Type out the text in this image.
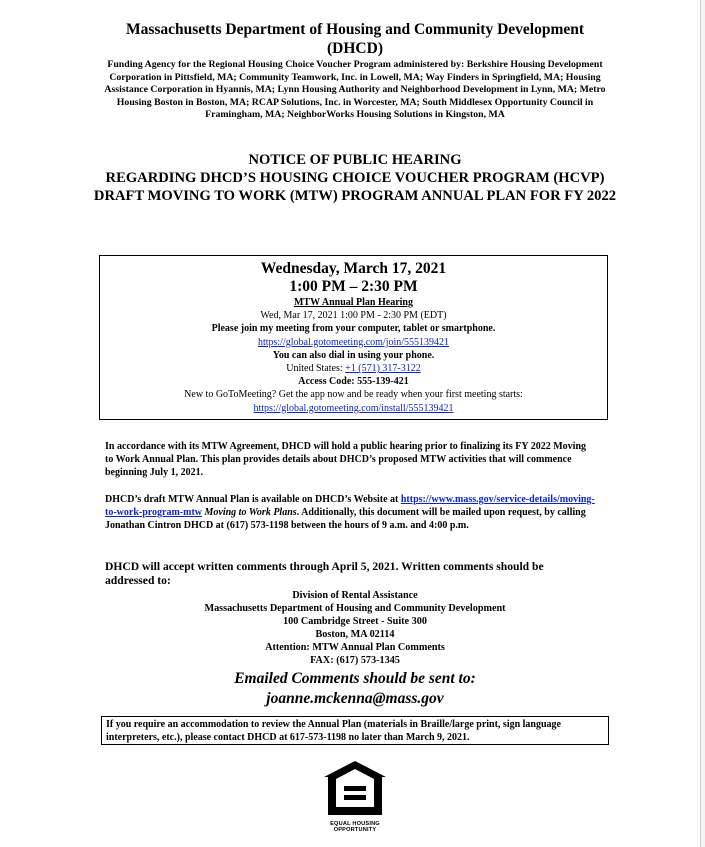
Massachusetts Department of Housing and Community Development (DHCD)
Funding Agency for the Regional Housing Choice Voucher Program administered by: Berkshire Housing Development Corporation in Pittsfield, MA; Community Teamwork, Inc. in Lowell, MA; Way Finders in Springfield, MA; Housing Assistance Corporation in Hyannis, MA; Lynn Housing Authority and Neighborhood Development in Lynn, MA; Metro Housing Boston in Boston, MA; RCAP Solutions, Inc. in Worcester, MA; South Middlesex Opportunity Council in Framingham, MA; NeighborWorks Housing Solutions in Kingston, MA
NOTICE OF PUBLIC HEARING
REGARDING DHCD’S HOUSING CHOICE VOUCHER PROGRAM (HCVP)
DRAFT MOVING TO WORK (MTW) PROGRAM ANNUAL PLAN FOR FY 2022
Wednesday, March 17, 2021
1:00 PM – 2:30 PM
MTW Annual Plan Hearing
Wed, Mar 17, 2021 1:00 PM - 2:30 PM (EDT)
Please join my meeting from your computer, tablet or smartphone.
https://global.gotomeeting.com/join/555139421
You can also dial in using your phone.
United States: +1 (571) 317-3122
Access Code: 555-139-421
New to GoToMeeting? Get the app now and be ready when your first meeting starts:
https://global.gotomeeting.com/install/555139421
In accordance with its MTW Agreement, DHCD will hold a public hearing prior to finalizing its FY 2022 Moving to Work Annual Plan. This plan provides details about DHCD’s proposed MTW activities that will commence beginning July 1, 2021.
DHCD’s draft MTW Annual Plan is available on DHCD’s Website at https://www.mass.gov/service-details/moving-to-work-program-mtw Moving to Work Plans. Additionally, this document will be mailed upon request, by calling Jonathan Cintron DHCD at (617) 573-1198 between the hours of 9 a.m. and 4:00 p.m.
DHCD will accept written comments through April 5, 2021. Written comments should be addressed to:
Division of Rental Assistance
Massachusetts Department of Housing and Community Development
100 Cambridge Street - Suite 300
Boston, MA 02114
Attention: MTW Annual Plan Comments
FAX: (617) 573-1345
Emailed Comments should be sent to:
joanne.mckenna@mass.gov
If you require an accommodation to review the Annual Plan (materials in Braille/large print, sign language interpreters, etc.), please contact DHCD at 617-573-1198 no later than March 9, 2021.
EQUAL HOUSING
OPPORTUNITY
